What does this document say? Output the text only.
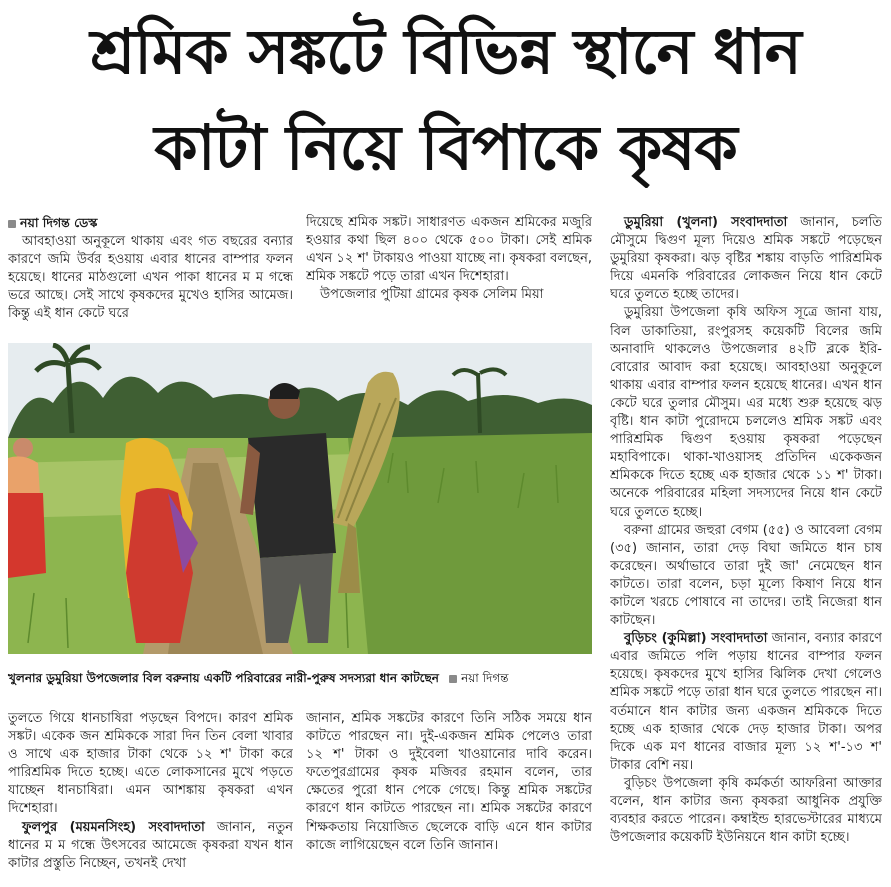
শ্রমিক সঙ্কটে বিভিন্ন স্থানে ধান
কাটা নিয়ে বিপাকে কৃষক

নয়া দিগন্ত ডেস্ক

আবহাওয়া অনুকূলে থাকায় এবং গত বছরের বন্যার কারণে জমি উর্বর হওয়ায় এবার ধানের বাম্পার ফলন হয়েছে। ধানের মাঠগুলো এখন পাকা ধানের ম ম গন্ধে ভরে আছে। সেই সাথে কৃষকদের মুখেও হাসির আমেজ। কিন্তু এই ধান কেটে ঘরে

দিয়েছে শ্রমিক সঙ্কট। সাধারণত একজন শ্রমিকের মজুরি হওয়ার কথা ছিল ৪০০ থেকে ৫০০ টাকা। সেই শ্রমিক এখন ১২ শ' টাকায়ও পাওয়া যাচ্ছে না। কৃষকরা বলছেন, শ্রমিক সঙ্কটে পড়ে তারা এখন দিশেহারা।

উপজেলার পুটিয়া গ্রামের কৃষক সেলিম মিয়া

ডুমুরিয়া (খুলনা) সংবাদদাতা জানান, চলতি মৌসুমে দ্বিগুণ মূল্য দিয়েও শ্রমিক সঙ্কটে পড়েছেন ডুমুরিয়া কৃষকরা। ঝড় বৃষ্টির শঙ্কায় বাড়তি পারিশ্রমিক দিয়ে এমনকি পরিবারের লোকজন নিয়ে ধান কেটে ঘরে তুলতে হচ্ছে তাদের।

ডুমুরিয়া উপজেলা কৃষি অফিস সূত্রে জানা যায়, বিল ডাকাতিয়া, রংপুরসহ কয়েকটি বিলের জমি অনাবাদি থাকলেও উপজেলার ৪২টি ব্লকে ইরি-বোরোর আবাদ করা হয়েছে। আবহাওয়া অনুকূলে থাকায় এবার বাম্পার ফলন হয়েছে ধানের। এখন ধান কেটে ঘরে তুলার মৌসুম। এর মধ্যে শুরু হয়েছে ঝড় বৃষ্টি। ধান কাটা পুরোদমে চললেও শ্রমিক সঙ্কট এবং পারিশ্রমিক দ্বিগুণ হওয়ায় কৃষকরা পড়েছেন মহাবিপাকে। থাকা-খাওয়াসহ প্রতিদিন একেকজন শ্রমিককে দিতে হচ্ছে এক হাজার থেকে ১১ শ' টাকা। অনেকে পরিবারের মহিলা সদস্যদের নিয়ে ধান কেটে ঘরে তুলতে হচ্ছে।

বরুনা গ্রামের জহুরা বেগম (৫৫) ও আবেলা বেগম (৩৫) জানান, তারা দেড় বিঘা জমিতে ধান চাষ করেছেন। অর্থাভাবে তারা দুই জা' নেমেছেন ধান কাটতে। তারা বলেন, চড়া মূল্যে কিষাণ নিয়ে ধান কাটলে খরচে পোষাবে না তাদের। তাই নিজেরা ধান কাটছেন।

বুড়িচং (কুমিল্লা) সংবাদদাতা জানান, বন্যার কারণে এবার জমিতে পলি পড়ায় ধানের বাম্পার ফলন হয়েছে। কৃষকদের মুখে হাসির ঝিলিক দেখা গেলেও শ্রমিক সঙ্কটে পড়ে তারা ধান ঘরে তুলতে পারছেন না। বর্তমানে ধান কাটার জন্য একজন শ্রমিককে দিতে হচ্ছে এক হাজার থেকে দেড় হাজার টাকা। অপর দিকে এক মণ ধানের বাজার মূল্য ১২ শ'-১৩ শ' টাকার বেশি নয়।

বুড়িচং উপজেলা কৃষি কর্মকর্তা আফরিনা আক্তার বলেন, ধান কাটার জন্য কৃষকরা আধুনিক প্রযুক্তি ব্যবহার করতে পারেন। কম্বাইন্ড হারভেস্টারের মাধ্যমে উপজেলার কয়েকটি ইউনিয়নে ধান কাটা হচ্ছে।

খুলনার ডুমুরিয়া উপজেলার বিল বরুনায় একটি পরিবারের নারী-পুরুষ সদস্যরা ধান কাটছেন নয়া দিগন্ত

তুলতে গিয়ে ধানচাষিরা পড়ছেন বিপদে। কারণ শ্রমিক সঙ্কট। একেক জন শ্রমিককে সারা দিন তিন বেলা খাবার ও সাথে এক হাজার টাকা থেকে ১২ শ' টাকা করে পারিশ্রমিক দিতে হচ্ছে। এতে লোকসানের মুখে পড়তে যাচ্ছেন ধানচাষিরা। এমন আশঙ্কায় কৃষকরা এখন দিশেহারা।

ফুলপুর (ময়মনসিংহ) সংবাদদাতা জানান, নতুন ধানের ম ম গন্ধে উৎসবের আমেজে কৃষকরা যখন ধান কাটার প্রস্তুতি নিচ্ছেন, তখনই দেখা

জানান, শ্রমিক সঙ্কটের কারণে তিনি সঠিক সময়ে ধান কাটতে পারছেন না। দুই-একজন শ্রমিক পেলেও তারা ১২ শ' টাকা ও দুইবেলা খাওয়ানোর দাবি করেন। ফতেপুরগ্রামের কৃষক মজিবর রহমান বলেন, তার ক্ষেতের পুরো ধান পেকে গেছে। কিন্তু শ্রমিক সঙ্কটের কারণে ধান কাটতে পারছেন না। শ্রমিক সঙ্কটের কারণে শিক্ষকতায় নিয়োজিত ছেলেকে বাড়ি এনে ধান কাটার কাজে লাগিয়েছেন বলে তিনি জানান।
